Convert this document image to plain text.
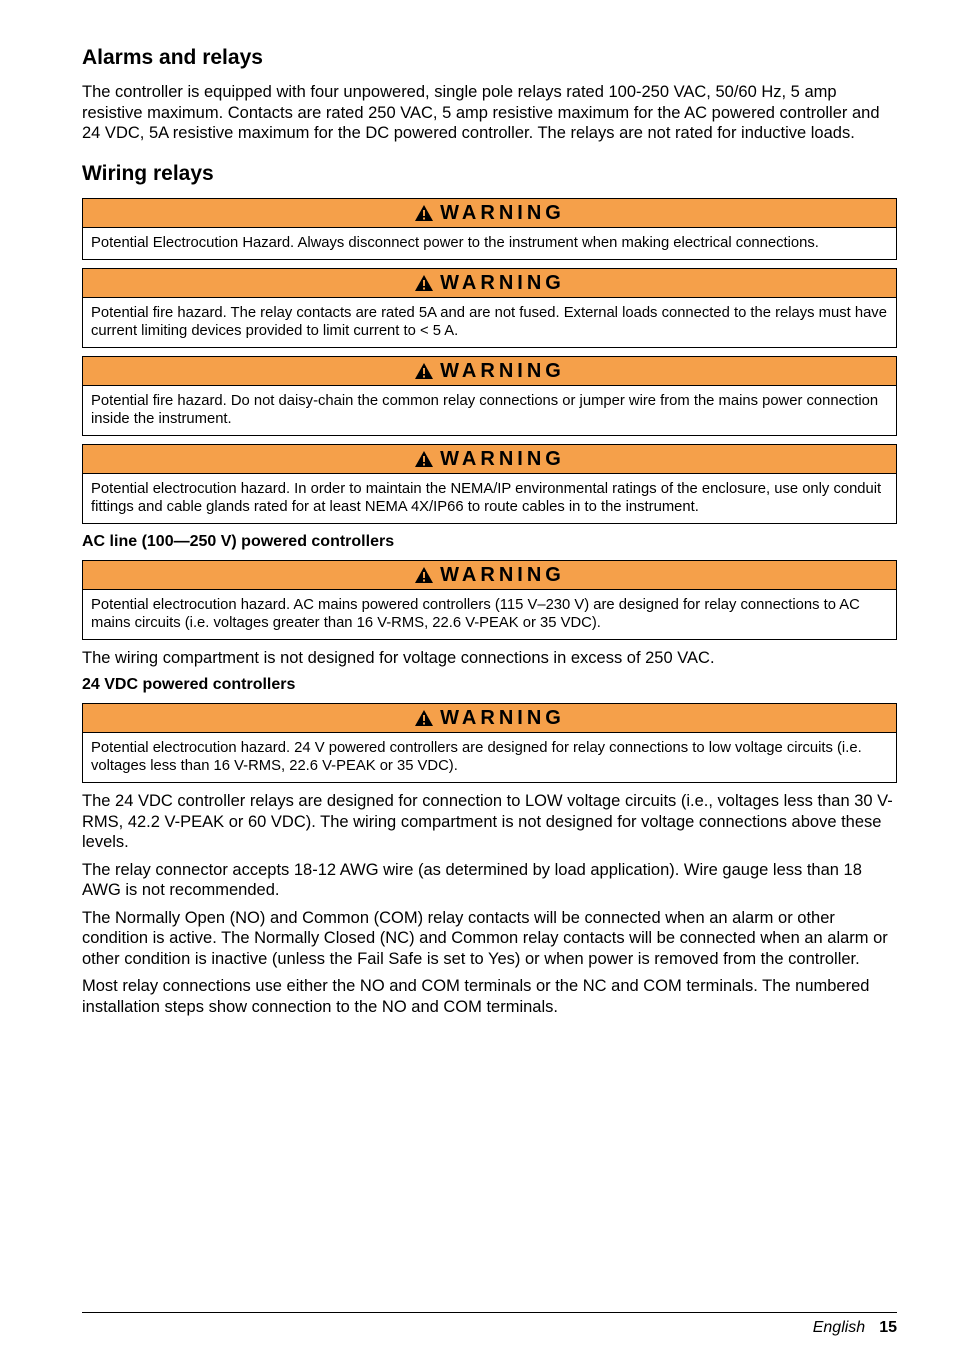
Alarms and relays

The controller is equipped with four unpowered, single pole relays rated 100-250 VAC, 50/60 Hz, 5 amp resistive maximum. Contacts are rated 250 VAC, 5 amp resistive maximum for the AC powered controller and 24 VDC, 5A resistive maximum for the DC powered controller. The relays are not rated for inductive loads.

Wiring relays
WARNING
Potential Electrocution Hazard. Always disconnect power to the instrument when making electrical connections.
WARNING
Potential fire hazard. The relay contacts are rated 5A and are not fused. External loads connected to the relays must have current limiting devices provided to limit current to < 5 A.
WARNING
Potential fire hazard. Do not daisy-chain the common relay connections or jumper wire from the mains power connection inside the instrument.
WARNING
Potential electrocution hazard. In order to maintain the NEMA/IP environmental ratings of the enclosure, use only conduit fittings and cable glands rated for at least NEMA 4X/IP66 to route cables in to the instrument.
AC line (100—250 V) powered controllers
WARNING
Potential electrocution hazard. AC mains powered controllers (115 V–230 V) are designed for relay connections to AC mains circuits (i.e. voltages greater than 16 V-RMS, 22.6 V-PEAK or 35 VDC).

The wiring compartment is not designed for voltage connections in excess of 250 VAC.

24 VDC powered controllers
WARNING
Potential electrocution hazard. 24 V powered controllers are designed for relay connections to low voltage circuits (i.e. voltages less than 16 V-RMS, 22.6 V-PEAK or 35 VDC).

The 24 VDC controller relays are designed for connection to LOW voltage circuits (i.e., voltages less than 30 V-RMS, 42.2 V-PEAK or 60 VDC). The wiring compartment is not designed for voltage connections above these levels.

The relay connector accepts 18-12 AWG wire (as determined by load application). Wire gauge less than 18 AWG is not recommended.

The Normally Open (NO) and Common (COM) relay contacts will be connected when an alarm or other condition is active. The Normally Closed (NC) and Common relay contacts will be connected when an alarm or other condition is inactive (unless the Fail Safe is set to Yes) or when power is removed from the controller.

Most relay connections use either the NO and COM terminals or the NC and COM terminals. The numbered installation steps show connection to the NO and COM terminals.

English 15
